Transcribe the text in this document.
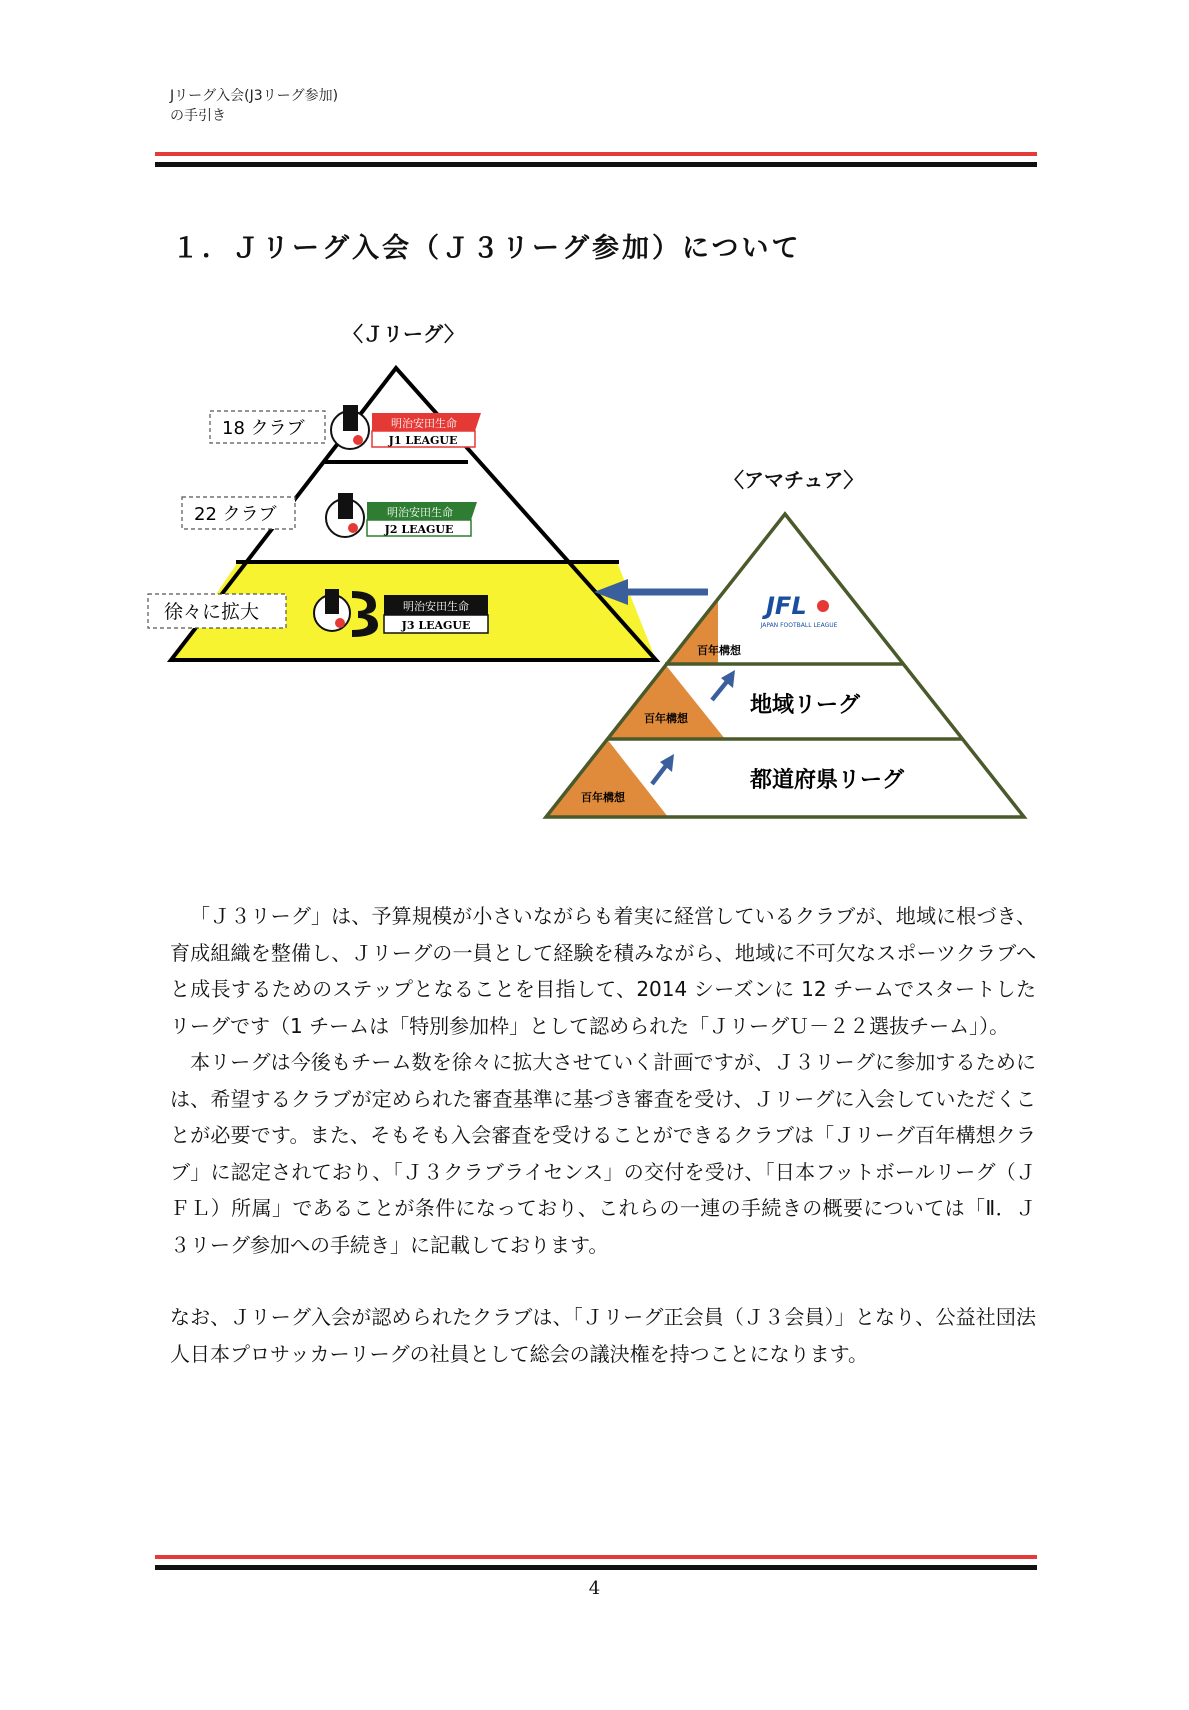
Jリーグ入会(J3リーグ参加)
の手引き
１．Ｊリーグ入会（Ｊ３リーグ参加）について
〈Ｊリーグ〉
〈アマチュア〉
18 クラブ
22 クラブ
徐々に拡大
明治安田生命
J1 LEAGUE
明治安田生命
J2 LEAGUE
明治安田生命
J3 LEAGUE
百年構想
百年構想
百年構想
地域リーグ
都道府県リーグ
JFL
JAPAN FOOTBALL LEAGUE

「Ｊ３リーグ」は、予算規模が小さいながらも着実に経営しているクラブが、地域に根づき、育成組織を整備し、Ｊリーグの一員として経験を積みながら、地域に不可欠なスポーツクラブへと成長するためのステップとなることを目指して、2014 シーズンに 12 チームでスタートしたリーグです（1 チームは「特別参加枠」として認められた「ＪリーグＵ－２２選抜チーム」）。

本リーグは今後もチーム数を徐々に拡大させていく計画ですが、Ｊ３リーグに参加するためには、希望するクラブが定められた審査基準に基づき審査を受け、Ｊリーグに入会していただくことが必要です。また、そもそも入会審査を受けることができるクラブは「Ｊリーグ百年構想クラブ」に認定されており、「Ｊ３クラブライセンス」の交付を受け、「日本フットボールリーグ（ＪＦＬ）所属」であることが条件になっており、これらの一連の手続きの概要については「Ⅱ．Ｊ３リーグ参加への手続き」に記載しております。

なお、Ｊリーグ入会が認められたクラブは、「Ｊリーグ正会員（Ｊ３会員）」となり、公益社団法人日本プロサッカーリーグの社員として総会の議決権を持つことになります。

4
